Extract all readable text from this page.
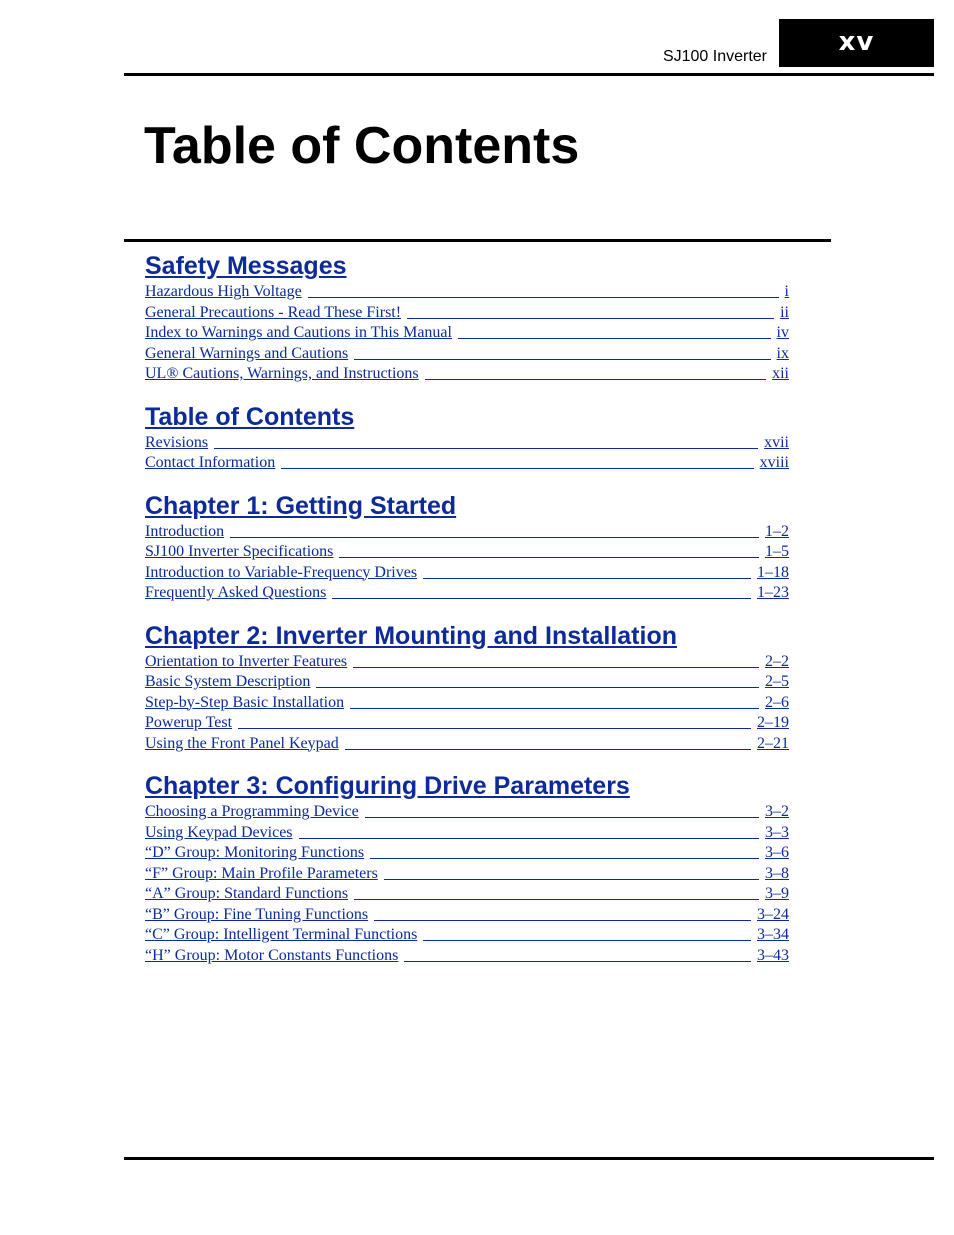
SJ100 Inverter	xv
Table of Contents
Safety Messages
Hazardous High Voltage	i
General Precautions - Read These First!	ii
Index to Warnings and Cautions in This Manual	iv
General Warnings and Cautions	ix
UL® Cautions, Warnings, and Instructions	xii
Table of Contents
Revisions	xvii
Contact Information	xviii
Chapter 1: Getting Started
Introduction	1–2
SJ100 Inverter Specifications	1–5
Introduction to Variable-Frequency Drives	1–18
Frequently Asked Questions	1–23
Chapter 2: Inverter Mounting and Installation
Orientation to Inverter Features	2–2
Basic System Description	2–5
Step-by-Step Basic Installation	2–6
Powerup Test	2–19
Using the Front Panel Keypad	2–21
Chapter 3: Configuring Drive Parameters
Choosing a Programming Device	3–2
Using Keypad Devices	3–3
“D” Group: Monitoring Functions	3–6
“F” Group: Main Profile Parameters	3–8
“A” Group: Standard Functions	3–9
“B” Group: Fine Tuning Functions	3–24
“C” Group: Intelligent Terminal Functions	3–34
“H” Group: Motor Constants Functions	3–43
